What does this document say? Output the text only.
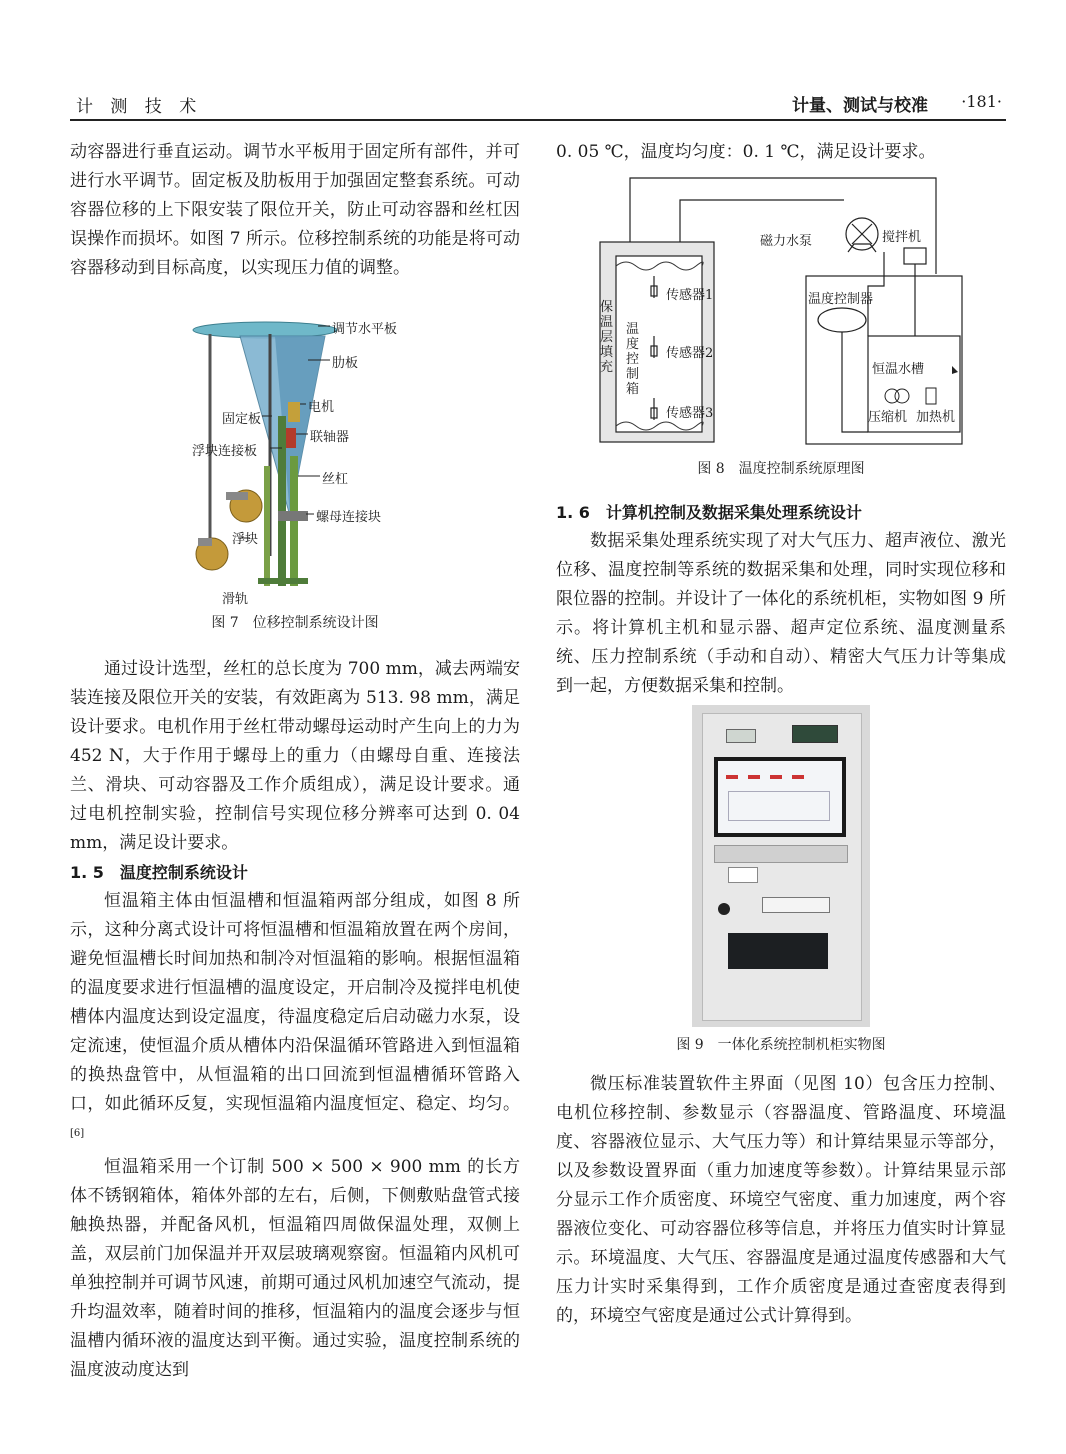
计 测 技 术	计量、测试与校准 ·181·

动容器进行垂直运动。调节水平板用于固定所有部件，并可进行水平调节。固定板及肋板用于加强固定整套系统。可动容器位移的上下限安装了限位开关，防止可动容器和丝杠因误操作而损坏。如图 7 所示。位移控制系统的功能是将可动容器移动到目标高度，以实现压力值的调整。

调节水平板
肋板
电机
固定板
联轴器
浮块连接板
丝杠
螺母连接块
浮块
滑轨
图 7　位移控制系统设计图

通过设计选型，丝杠的总长度为 700 mm，减去两端安装连接及限位开关的安装，有效距离为 513. 98 mm，满足设计要求。电机作用于丝杠带动螺母运动时产生向上的力为 452 N，大于作用于螺母上的重力（由螺母自重、连接法兰、滑块、可动容器及工作介质组成），满足设计要求。通过电机控制实验，控制信号实现位移分辨率可达到 0. 04 mm，满足设计要求。

1. 5　温度控制系统设计

恒温箱主体由恒温槽和恒温箱两部分组成，如图 8 所示，这种分离式设计可将恒温槽和恒温箱放置在两个房间，避免恒温槽长时间加热和制冷对恒温箱的影响。根据恒温箱的温度要求进行恒温槽的温度设定，开启制冷及搅拌电机使槽体内温度达到设定温度，待温度稳定后启动磁力水泵，设定流速，使恒温介质从槽体内沿保温循环管路进入到恒温箱的换热盘管中，从恒温箱的出口回流到恒温槽循环管路入口，如此循环反复，实现恒温箱内温度恒定、稳定、均匀。[6]

恒温箱采用一个订制 500 × 500 × 900 mm 的长方体不锈钢箱体，箱体外部的左右，后侧，下侧敷贴盘管式接触换热器，并配备风机，恒温箱四周做保温处理，双侧上盖，双层前门加保温并开双层玻璃观察窗。恒温箱内风机可单独控制并可调节风速，前期可通过风机加速空气流动，提升均温效率，随着时间的推移，恒温箱内的温度会逐步与恒温槽内循环液的温度达到平衡。通过实验，温度控制系统的温度波动度达到

0. 05 ℃，温度均匀度：0. 1 ℃，满足设计要求。

磁力水泵	搅拌机
温度控制器
恒温水槽
压缩机 加热机
保温层填充
温度控制箱
传感器1
传感器2
传感器3
图 8　温度控制系统原理图

1. 6　计算机控制及数据采集处理系统设计

数据采集处理系统实现了对大气压力、超声液位、激光位移、温度控制等系统的数据采集和处理，同时实现位移和限位器的控制。并设计了一体化的系统机柜，实物如图 9 所示。将计算机主机和显示器、超声定位系统、温度测量系统、压力控制系统（手动和自动）、精密大气压力计等集成到一起，方便数据采集和控制。

图 9　一体化系统控制机柜实物图

微压标准装置软件主界面（见图 10）包含压力控制、电机位移控制、参数显示（容器温度、管路温度、环境温度、容器液位显示、大气压力等）和计算结果显示等部分，以及参数设置界面（重力加速度等参数）。计算结果显示部分显示工作介质密度、环境空气密度、重力加速度，两个容器液位变化、可动容器位移等信息，并将压力值实时计算显示。环境温度、大气压、容器温度是通过温度传感器和大气压力计实时采集得到，工作介质密度是通过查密度表得到的，环境空气密度是通过公式计算得到。
